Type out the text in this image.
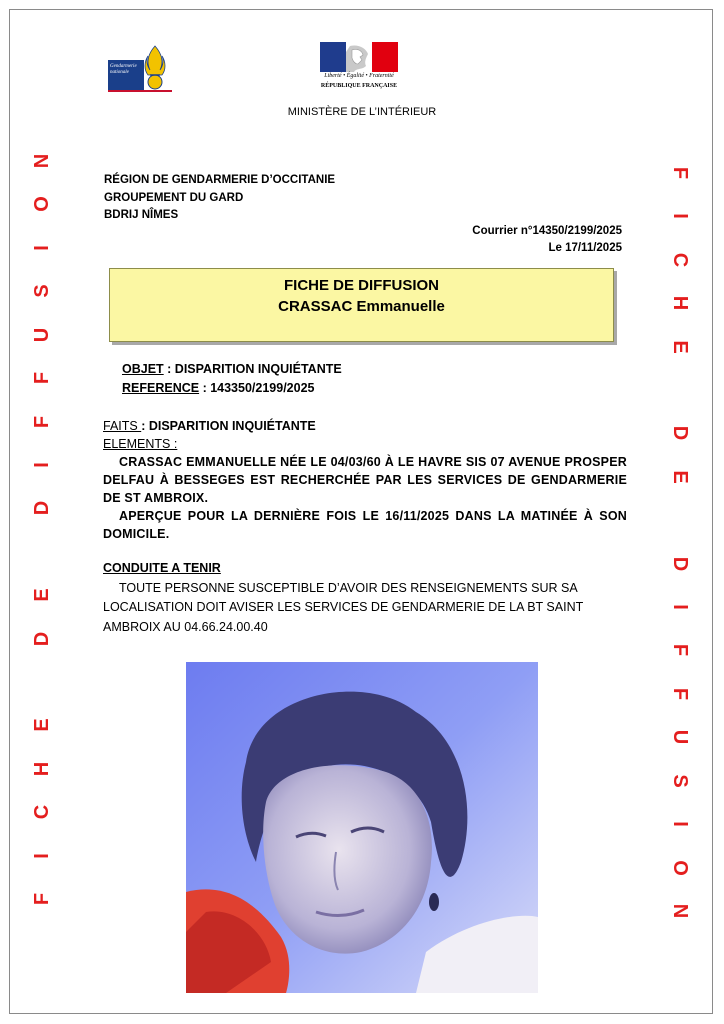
Gendarmerie
nationale
Liberté • Égalité • Fraternité
RÉPUBLIQUE FRANÇAISE
MINISTÈRE DE L’INTÉRIEUR
F
I
C
H
E
D
E
D
I
F
F
U
S
I
O
N
F
I
C
H
E
D
E
D
I
F
F
U
S
I
O
N
RÉGION DE GENDARMERIE D’OCCITANIE
GROUPEMENT DU GARD
BDRIJ NÎMES
Courrier n°14350/2199/2025
Le 17/11/2025
FICHE DE DIFFUSION
CRASSAC Emmanuelle
OBJET : DISPARITION INQUIÉTANTE
REFERENCE : 143350/2199/2025
FAITS : DISPARITION INQUIÉTANTE
ELEMENTS :
CRASSAC EMMANUELLE NÉE LE 04/03/60 À LE HAVRE SIS 07 AVENUE PROSPER DELFAU À BESSEGES EST RECHERCHÉE PAR LES SERVICES DE GENDARMERIE DE ST AMBROIX.
APERÇUE POUR LA DERNIÈRE FOIS LE 16/11/2025 DANS LA MATINÉE À SON DOMICILE.
CONDUITE A TENIR
TOUTE PERSONNE SUSCEPTIBLE D’AVOIR DES RENSEIGNEMENTS SUR SA LOCALISATION DOIT AVISER LES SERVICES DE GENDARMERIE DE LA BT SAINT AMBROIX AU 04.66.24.00.40
